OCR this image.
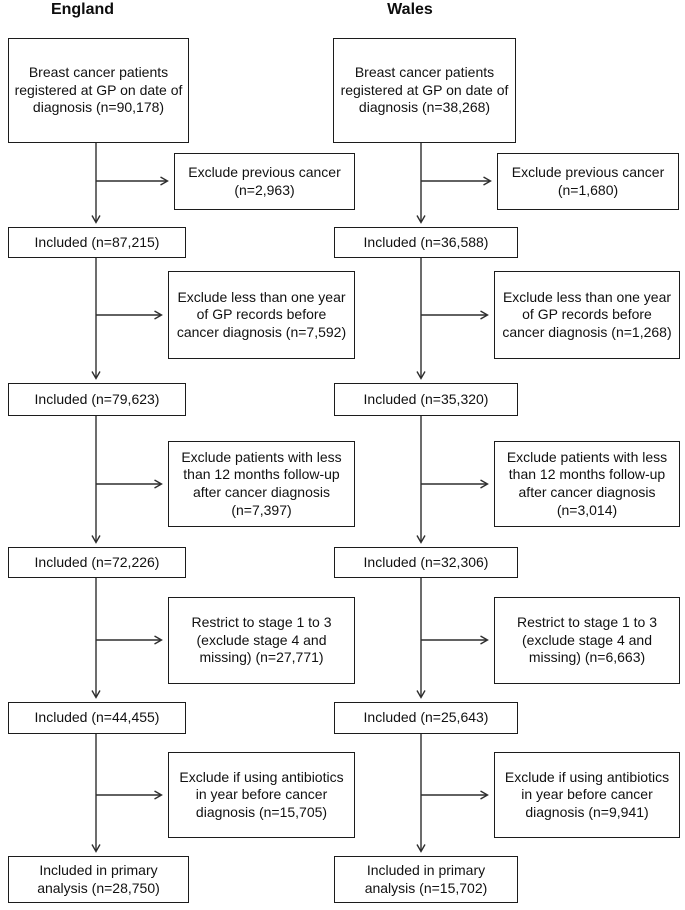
England	Wales
Breast cancer patients registered at GP on date of diagnosis (n=90,178)
Exclude previous cancer (n=2,963)
Included (n=87,215)
Exclude less than one year of GP records before cancer diagnosis (n=7,592)
Included (n=79,623)
Exclude patients with less than 12 months follow-up after cancer diagnosis (n=7,397)
Included (n=72,226)
Restrict to stage 1 to 3 (exclude stage 4 and missing) (n=27,771)
Included (n=44,455)
Exclude if using antibiotics in year before cancer diagnosis (n=15,705)
Included in primary analysis (n=28,750)
Breast cancer patients registered at GP on date of diagnosis (n=38,268)
Exclude previous cancer (n=1,680)
Included (n=36,588)
Exclude less than one year of GP records before cancer diagnosis (n=1,268)
Included (n=35,320)
Exclude patients with less than 12 months follow-up after cancer diagnosis (n=3,014)
Included (n=32,306)
Restrict to stage 1 to 3 (exclude stage 4 and missing) (n=6,663)
Included (n=25,643)
Exclude if using antibiotics in year before cancer diagnosis (n=9,941)
Included in primary analysis (n=15,702)
